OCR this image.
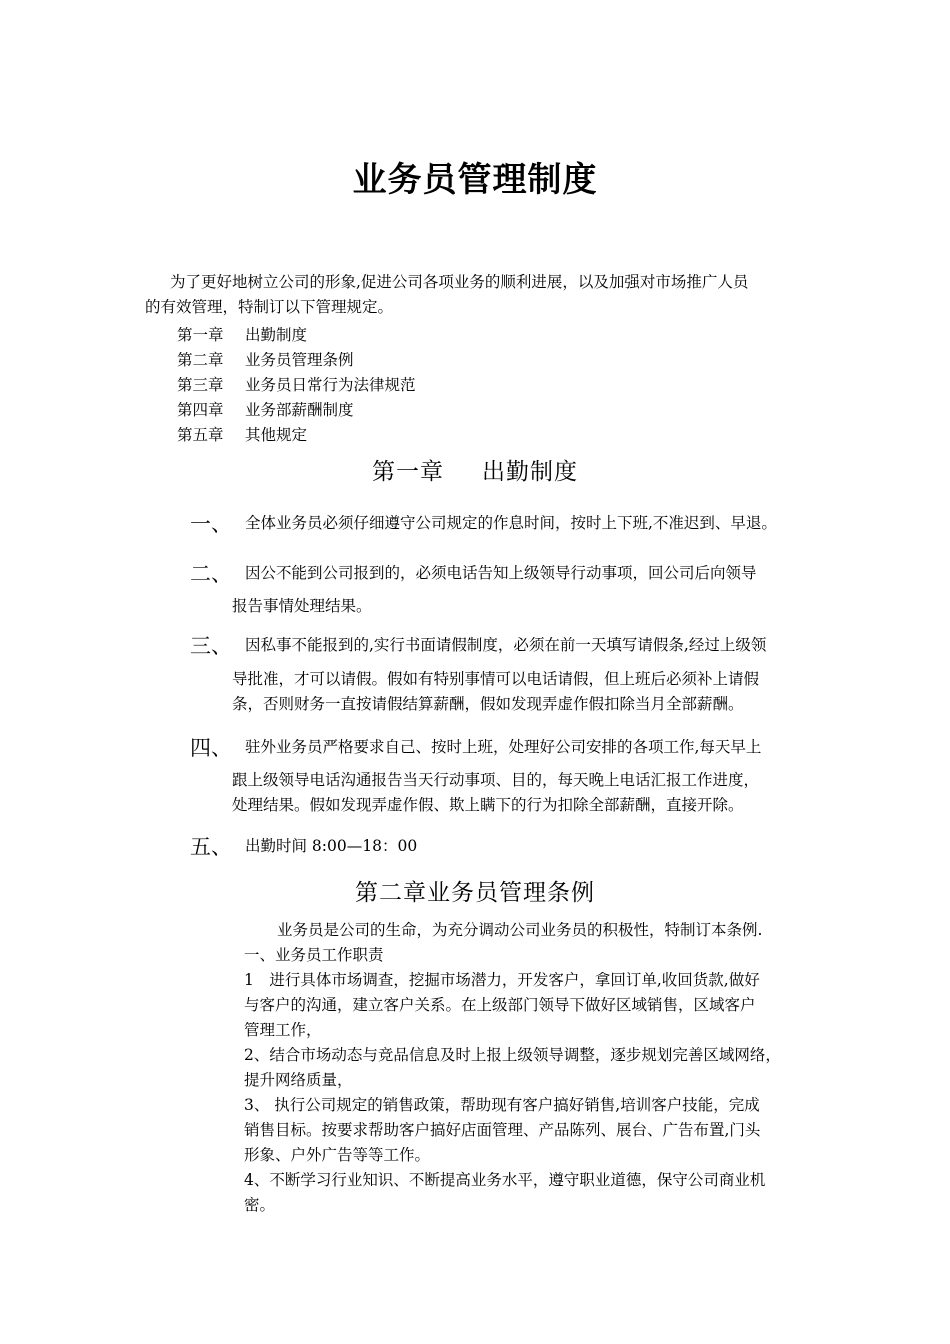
业务员管理制度
为了更好地树立公司的形象,促进公司各项业务的顺利进展，以及加强对市场推广人员
的有效管理，特制订以下管理规定。
第一章 出勤制度
第二章 业务员管理条例
第三章 业务员日常行为法律规范
第四章 业务部薪酬制度
第五章 其他规定
第一章 出勤制度
一、 全体业务员必须仔细遵守公司规定的作息时间，按时上下班,不准迟到、早退。
二、 因公不能到公司报到的，必须电话告知上级领导行动事项，回公司后向领导
报告事情处理结果。
三、 因私事不能报到的,实行书面请假制度，必须在前一天填写请假条,经过上级领
导批准，才可以请假。假如有特别事情可以电话请假，但上班后必须补上请假
条，否则财务一直按请假结算薪酬，假如发现弄虚作假扣除当月全部薪酬。
四、 驻外业务员严格要求自己、按时上班，处理好公司安排的各项工作,每天早上
跟上级领导电话沟通报告当天行动事项、目的，每天晚上电话汇报工作进度，
处理结果。假如发现弄虚作假、欺上瞒下的行为扣除全部薪酬，直接开除。
五、 出勤时间 8:00—18：00
第二章业务员管理条例
业务员是公司的生命，为充分调动公司业务员的积极性，特制订本条例.
一、业务员工作职责
1　进行具体市场调查，挖掘市场潜力，开发客户，拿回订单,收回货款,做好
与客户的沟通，建立客户关系。在上级部门领导下做好区域销售，区域客户
管理工作，
2、结合市场动态与竞品信息及时上报上级领导调整，逐步规划完善区域网络，
提升网络质量，
3、 执行公司规定的销售政策，帮助现有客户搞好销售,培训客户技能，完成
销售目标。按要求帮助客户搞好店面管理、产品陈列、展台、广告布置,门头
形象、户外广告等等工作。
4、不断学习行业知识、不断提高业务水平，遵守职业道德，保守公司商业机
密。
